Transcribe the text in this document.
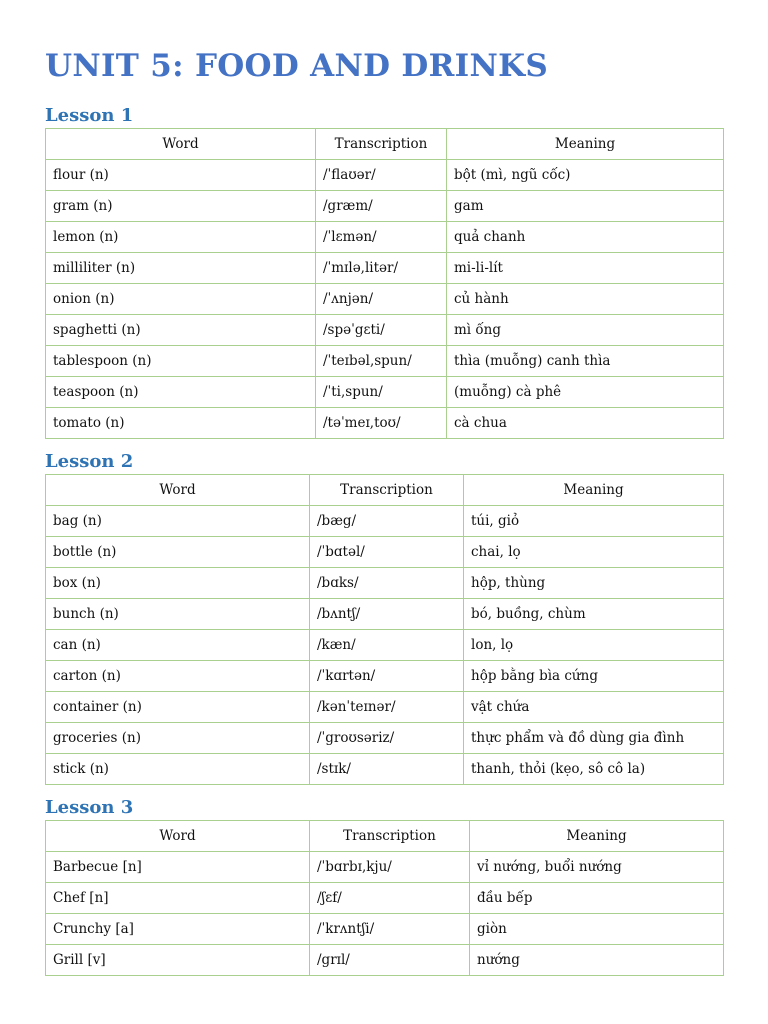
UNIT 5: FOOD AND DRINKS
Lesson 1
Word	Transcription	Meaning
flour (n)	/ˈflaʊər/	bột (mì, ngũ cốc)
gram (n)	/græm/	gam
lemon (n)	/ˈlɛmən/	quả chanh
milliliter (n)	/ˈmɪlə,litər/	mi-li-lít
onion (n)	/ˈʌnjən/	củ hành
spaghetti (n)	/spəˈgɛti/	mì ống
tablespoon (n)	/ˈteɪbəl,spun/	thìa (muỗng) canh thìa
teaspoon (n)	/ˈti,spun/	(muỗng) cà phê
tomato (n)	/təˈmeɪ,toʊ/	cà chua
Lesson 2
Word	Transcription	Meaning
bag (n)	/bæg/	túi, giỏ
bottle (n)	/ˈbɑtəl/	chai, lọ
box (n)	/bɑks/	hộp, thùng
bunch (n)	/bʌntʃ/	bó, buồng, chùm
can (n)	/kæn/	lon, lọ
carton (n)	/ˈkɑrtən/	hộp bằng bìa cứng
container (n)	/kənˈteɪnər/	vật chứa
groceries (n)	/ˈgroʊsəriz/	thực phẩm và đồ dùng gia đình
stick (n)	/stɪk/	thanh, thỏi (kẹo, sô cô la)
Lesson 3
Word	Transcription	Meaning
Barbecue [n]	/ˈbɑrbɪ,kju/	vỉ nướng, buổi nướng
Chef [n]	/ʃɛf/	đầu bếp
Crunchy [a]	/ˈkrʌntʃi/	giòn
Grill [v]	/grɪl/	nướng
